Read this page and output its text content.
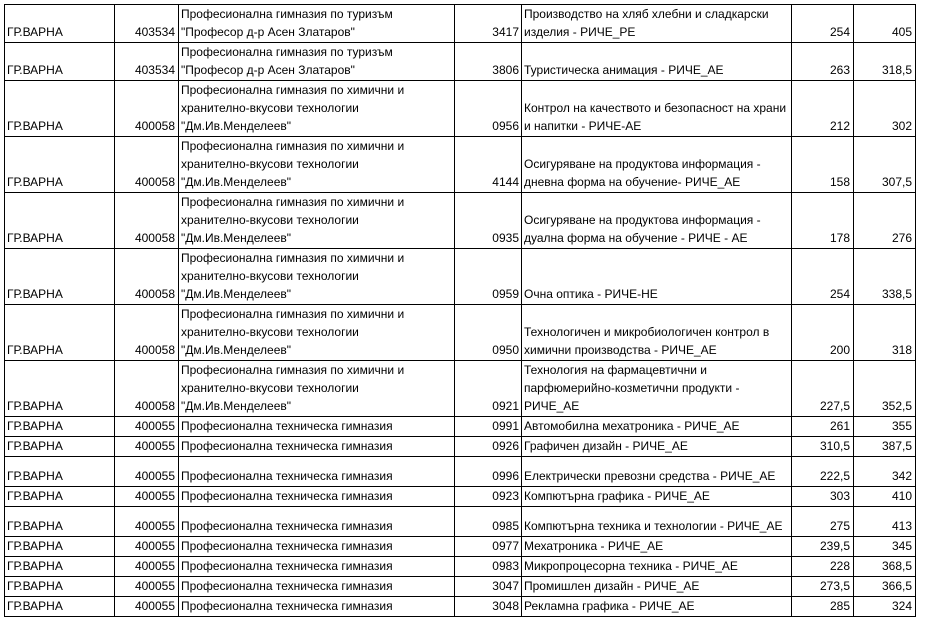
ГР.ВАРНА	403534	Професионална гимназия по туризъм "Професор д-р Асен Златаров"	3417	Производство на хляб хлебни и сладкарски изделия - РИЧЕ_РЕ	254	405
ГР.ВАРНА	403534	Професионална гимназия по туризъм "Професор д-р Асен Златаров"	3806	Туристическа анимация - РИЧЕ_АЕ	263	318,5
ГР.ВАРНА	400058	Професионална гимназия по химични и хранително-вкусови технологии "Дм.Ив.Менделеев"	0956	Контрол на качеството и безопасност на храни и напитки - РИЧЕ-АЕ	212	302
ГР.ВАРНА	400058	Професионална гимназия по химични и хранително-вкусови технологии "Дм.Ив.Менделеев"	4144	Осигуряване на продуктова информация - дневна форма на обучение- РИЧЕ_АЕ	158	307,5
ГР.ВАРНА	400058	Професионална гимназия по химични и хранително-вкусови технологии "Дм.Ив.Менделеев"	0935	Осигуряване на продуктова информация - дуална форма на обучение - РИЧЕ - АЕ	178	276
ГР.ВАРНА	400058	Професионална гимназия по химични и хранително-вкусови технологии "Дм.Ив.Менделеев"	0959	Очна оптика - РИЧЕ-НЕ	254	338,5
ГР.ВАРНА	400058	Професионална гимназия по химични и хранително-вкусови технологии "Дм.Ив.Менделеев"	0950	Технологичен и микробиологичен контрол в химични производства - РИЧЕ_АЕ	200	318
ГР.ВАРНА	400058	Професионална гимназия по химични и хранително-вкусови технологии "Дм.Ив.Менделеев"	0921	Технология на фармацевтични и парфюмерийно-козметични продукти - РИЧЕ_АЕ	227,5	352,5
ГР.ВАРНА	400055	Професионална техническа гимназия	0991	Автомобилна мехатроника - РИЧЕ_АЕ	261	355
ГР.ВАРНА	400055	Професионална техническа гимназия	0926	Графичен дизайн - РИЧЕ_АЕ	310,5	387,5
ГР.ВАРНА	400055	Професионална техническа гимназия	0996	Електрически превозни средства - РИЧЕ_АЕ	222,5	342
ГР.ВАРНА	400055	Професионална техническа гимназия	0923	Компютърна графика - РИЧЕ_АЕ	303	410
ГР.ВАРНА	400055	Професионална техническа гимназия	0985	Компютърна техника и технологии - РИЧЕ_АЕ	275	413
ГР.ВАРНА	400055	Професионална техническа гимназия	0977	Мехатроника - РИЧЕ_АЕ	239,5	345
ГР.ВАРНА	400055	Професионална техническа гимназия	0983	Микропроцесорна техника - РИЧЕ_АЕ	228	368,5
ГР.ВАРНА	400055	Професионална техническа гимназия	3047	Промишлен дизайн - РИЧЕ_АЕ	273,5	366,5
ГР.ВАРНА	400055	Професионална техническа гимназия	3048	Рекламна графика - РИЧЕ_АЕ	285	324
